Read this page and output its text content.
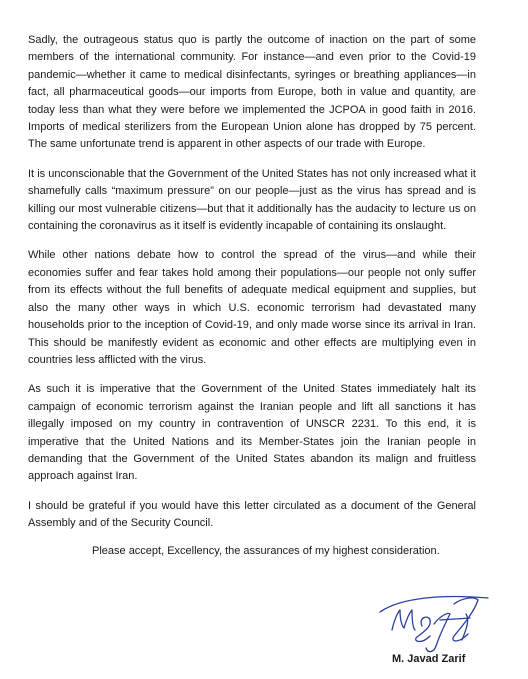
Sadly, the outrageous status quo is partly the outcome of inaction on the part of some members of the international community. For instance—and even prior to the Covid-19 pandemic—whether it came to medical disinfectants, syringes or breathing appliances—in fact, all pharmaceutical goods—our imports from Europe, both in value and quantity, are today less than what they were before we implemented the JCPOA in good faith in 2016. Imports of medical sterilizers from the European Union alone has dropped by 75 percent. The same unfortunate trend is apparent in other aspects of our trade with Europe.

It is unconscionable that the Government of the United States has not only increased what it shamefully calls “maximum pressure” on our people—just as the virus has spread and is killing our most vulnerable citizens—but that it additionally has the audacity to lecture us on containing the coronavirus as it itself is evidently incapable of containing its onslaught.

While other nations debate how to control the spread of the virus—and while their economies suffer and fear takes hold among their populations—our people not only suffer from its effects without the full benefits of adequate medical equipment and supplies, but also the many other ways in which U.S. economic terrorism had devastated many households prior to the inception of Covid-19, and only made worse since its arrival in Iran. This should be manifestly evident as economic and other effects are multiplying even in countries less afflicted with the virus.

As such it is imperative that the Government of the United States immediately halt its campaign of economic terrorism against the Iranian people and lift all sanctions it has illegally imposed on my country in contravention of UNSCR 2231. To this end, it is imperative that the United Nations and its Member-States join the Iranian people in demanding that the Government of the United States abandon its malign and fruitless approach against Iran.

I should be grateful if you would have this letter circulated as a document of the General Assembly and of the Security Council.

Please accept, Excellency, the assurances of my highest consideration.

M. Javad Zarif
